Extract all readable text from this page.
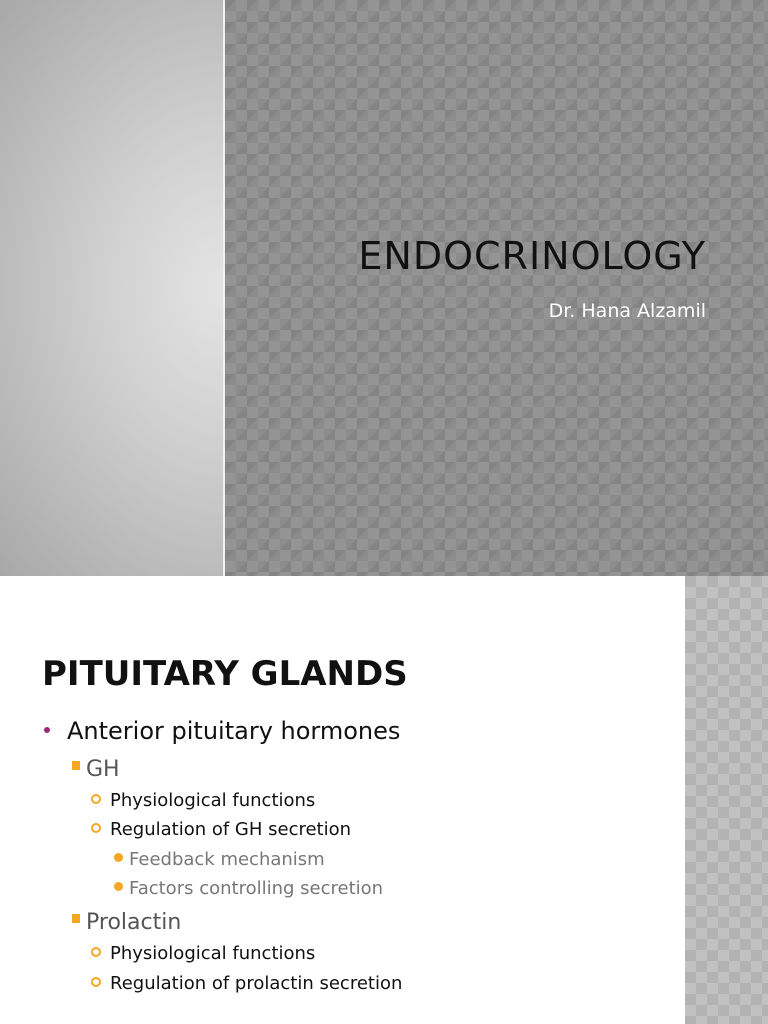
ENDOCRINOLOGY
Dr. Hana Alzamil
PITUITARY GLANDS
Anterior pituitary hormones
GH
Physiological functions
Regulation of GH secretion
Feedback mechanism
Factors controlling secretion
Prolactin
Physiological functions
Regulation of prolactin secretion
